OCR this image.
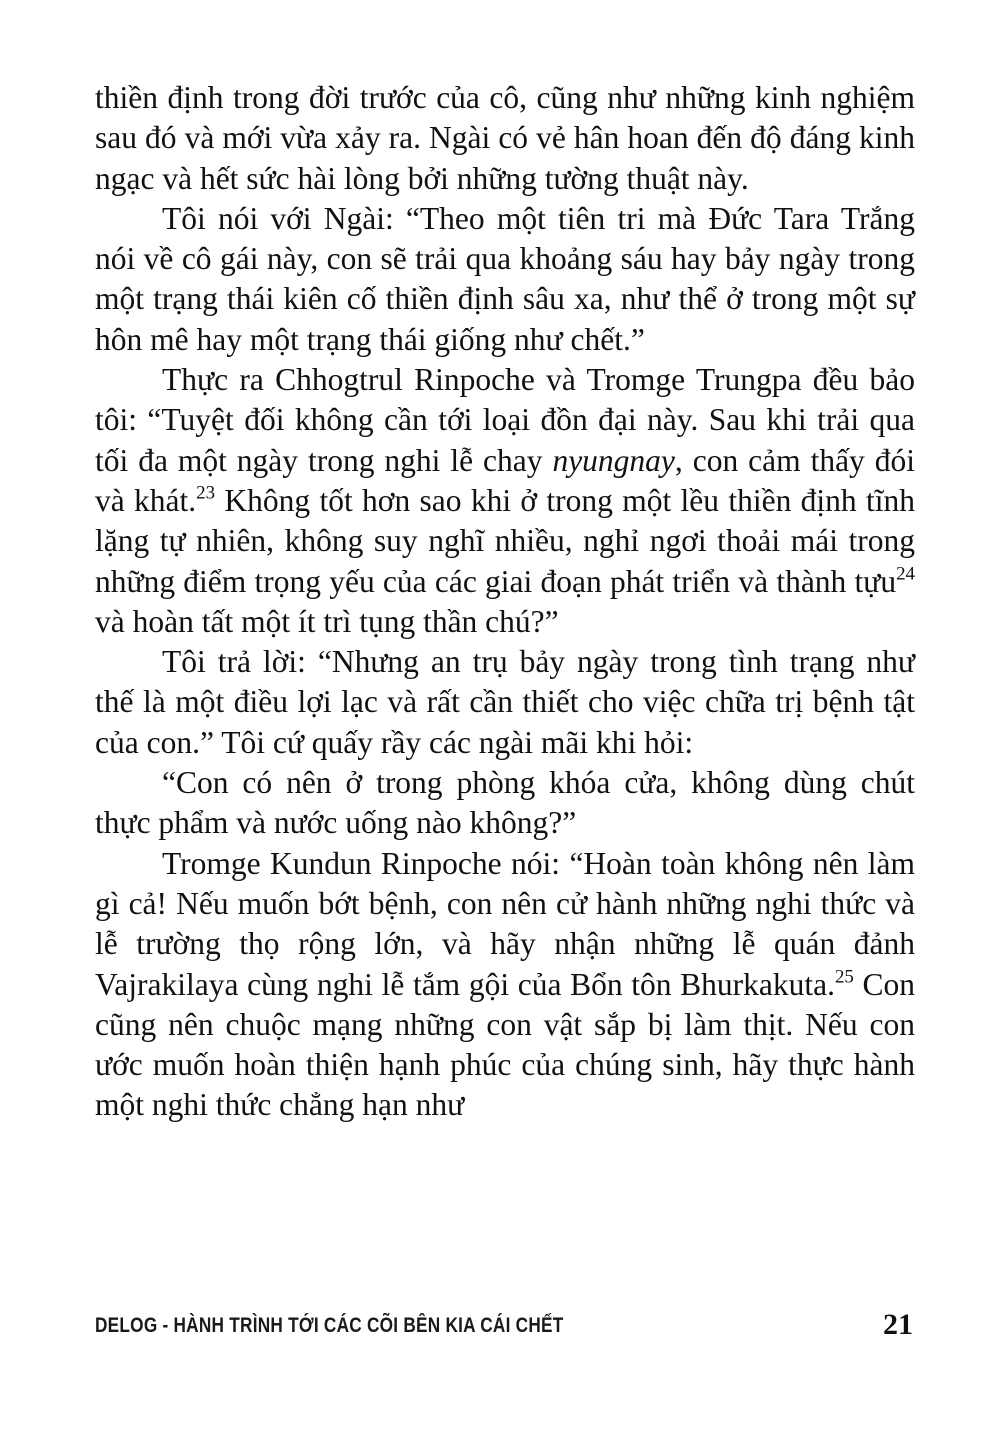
thiền định trong đời trước của cô, cũng như những kinh nghiệm sau đó và mới vừa xảy ra. Ngài có vẻ hân hoan đến độ đáng kinh ngạc và hết sức hài lòng bởi những tường thuật này.

Tôi nói với Ngài: “Theo một tiên tri mà Đức Tara Trắng nói về cô gái này, con sẽ trải qua khoảng sáu hay bảy ngày trong một trạng thái kiên cố thiền định sâu xa, như thể ở trong một sự hôn mê hay một trạng thái giống như chết.”

Thực ra Chhogtrul Rinpoche và Tromge Trungpa đều bảo tôi: “Tuyệt đối không cần tới loại đồn đại này. Sau khi trải qua tối đa một ngày trong nghi lễ chay nyungnay, con cảm thấy đói và khát.$^{23}$ Không tốt hơn sao khi ở trong một lều thiền định tĩnh lặng tự nhiên, không suy nghĩ nhiều, nghỉ ngơi thoải mái trong những điểm trọng yếu của các giai đoạn phát triển và thành tựu$^{24}$ và hoàn tất một ít trì tụng thần chú?”

Tôi trả lời: “Nhưng an trụ bảy ngày trong tình trạng như thế là một điều lợi lạc và rất cần thiết cho việc chữa trị bệnh tật của con.” Tôi cứ quấy rầy các ngài mãi khi hỏi:

“Con có nên ở trong phòng khóa cửa, không dùng chút thực phẩm và nước uống nào không?”

Tromge Kundun Rinpoche nói: “Hoàn toàn không nên làm gì cả! Nếu muốn bớt bệnh, con nên cử hành những nghi thức và lễ trường thọ rộng lớn, và hãy nhận những lễ quán đảnh Vajrakilaya cùng nghi lễ tắm gội của Bổn tôn Bhurkakuta.$^{25}$ Con cũng nên chuộc mạng những con vật sắp bị làm thịt. Nếu con ước muốn hoàn thiện hạnh phúc của chúng sinh, hãy thực hành một nghi thức chẳng hạn như

DELOG - HÀNH TRÌNH TỚI CÁC CÕI BÊN KIA CÁI CHẾT	21
